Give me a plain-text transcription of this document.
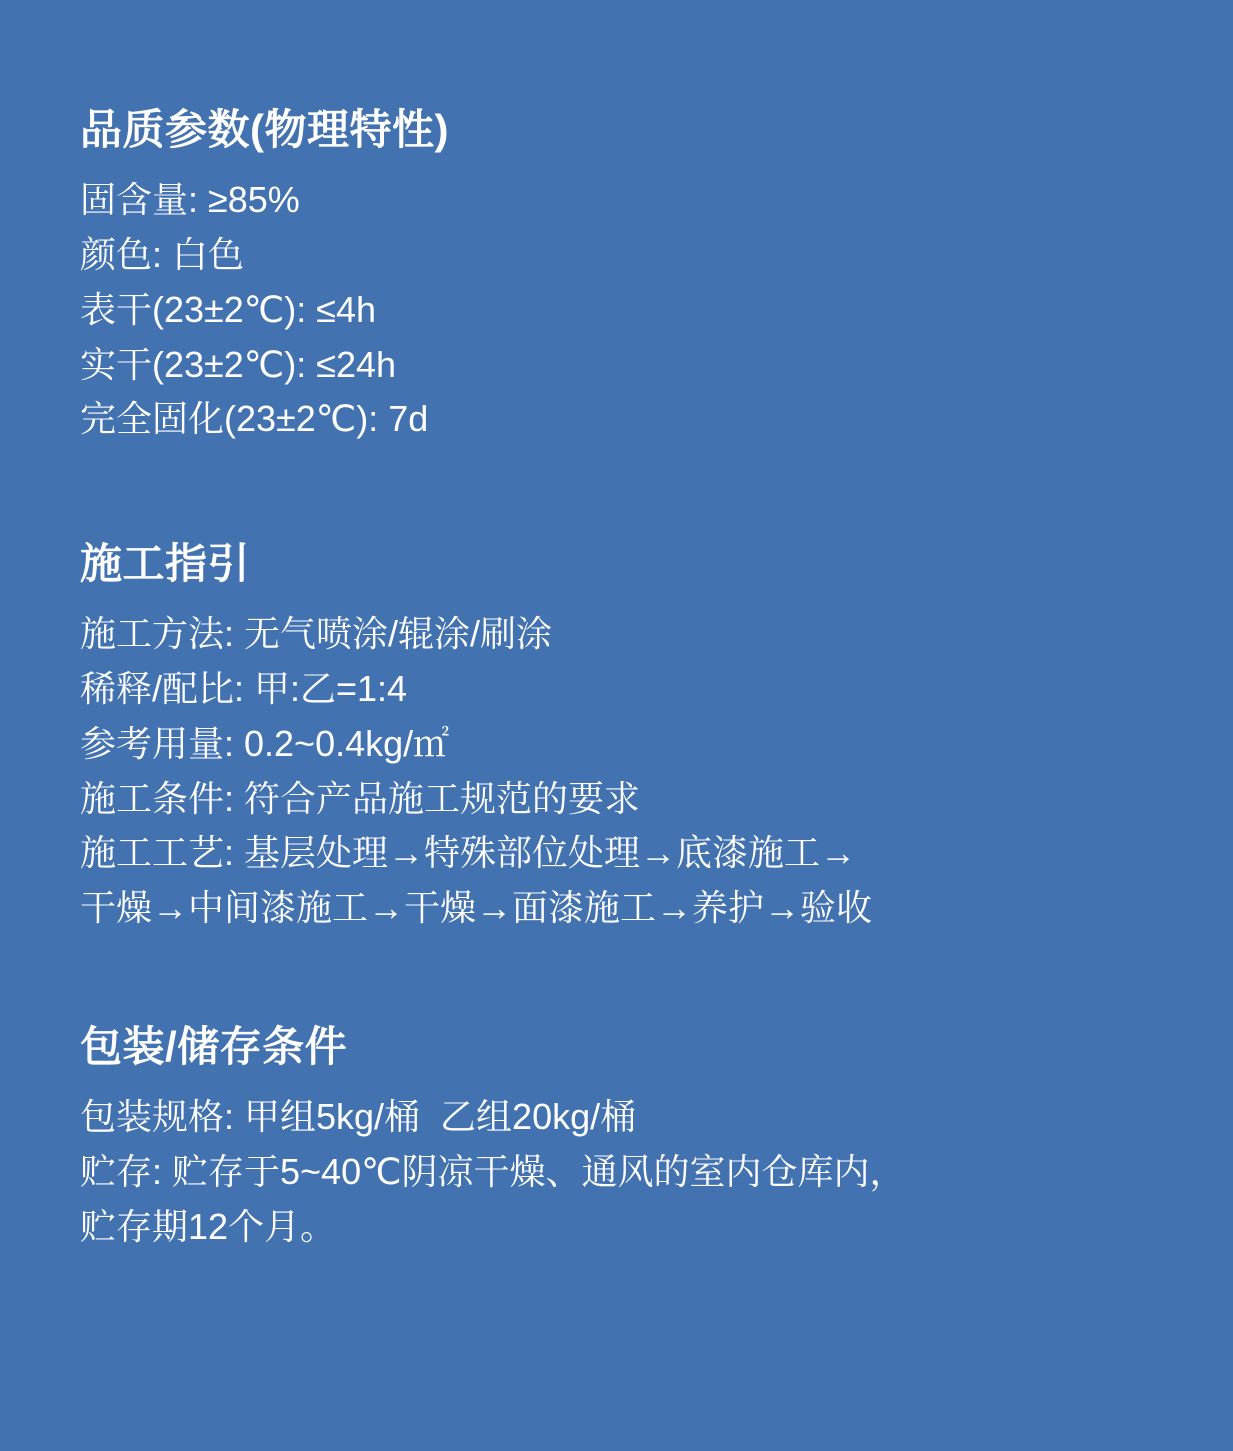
品质参数(物理特性)
固含量: ≥85%
颜色: 白色
表干(23±2℃): ≤4h
实干(23±2℃): ≤24h
完全固化(23±2℃): 7d
施工指引
施工方法: 无气喷涂/辊涂/刷涂
稀释/配比: 甲:乙=1:4
参考用量: 0.2~0.4kg/㎡
施工条件: 符合产品施工规范的要求
施工工艺: 基层处理→特殊部位处理→底漆施工→
干燥→中间漆施工→干燥→面漆施工→养护→验收
包装/储存条件
包装规格: 甲组5kg/桶  乙组20kg/桶
贮存: 贮存于5~40℃阴凉干燥、通风的室内仓库内，
贮存期12个月。
